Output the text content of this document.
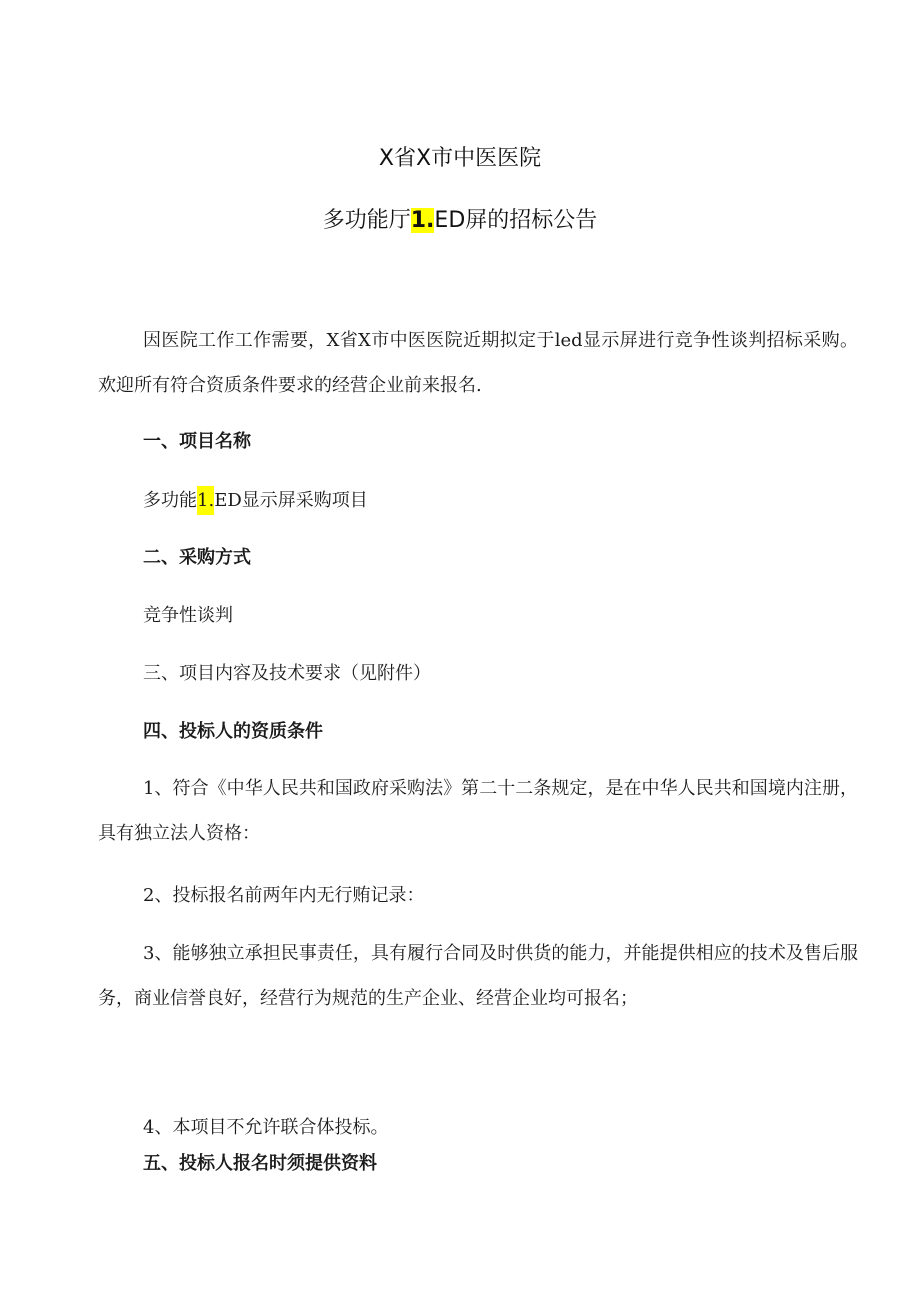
X省X市中医医院
多功能厅1.ED屏的招标公告

因医院工作工作需要，X省X市中医医院近期拟定于led显示屏进行竞争性谈判招标采购。欢迎所有符合资质条件要求的经营企业前来报名.

一、项目名称

多功能1.ED显示屏采购项目

二、采购方式

竞争性谈判

三、项目内容及技术要求（见附件）

四、投标人的资质条件

1、符合《中华人民共和国政府采购法》第二十二条规定，是在中华人民共和国境内注册，具有独立法人资格：

2、投标报名前两年内无行贿记录：

3、能够独立承担民事责任，具有履行合同及时供货的能力，并能提供相应的技术及售后服务，商业信誉良好，经营行为规范的生产企业、经营企业均可报名；

4、本项目不允许联合体投标。

五、投标人报名时须提供资料
